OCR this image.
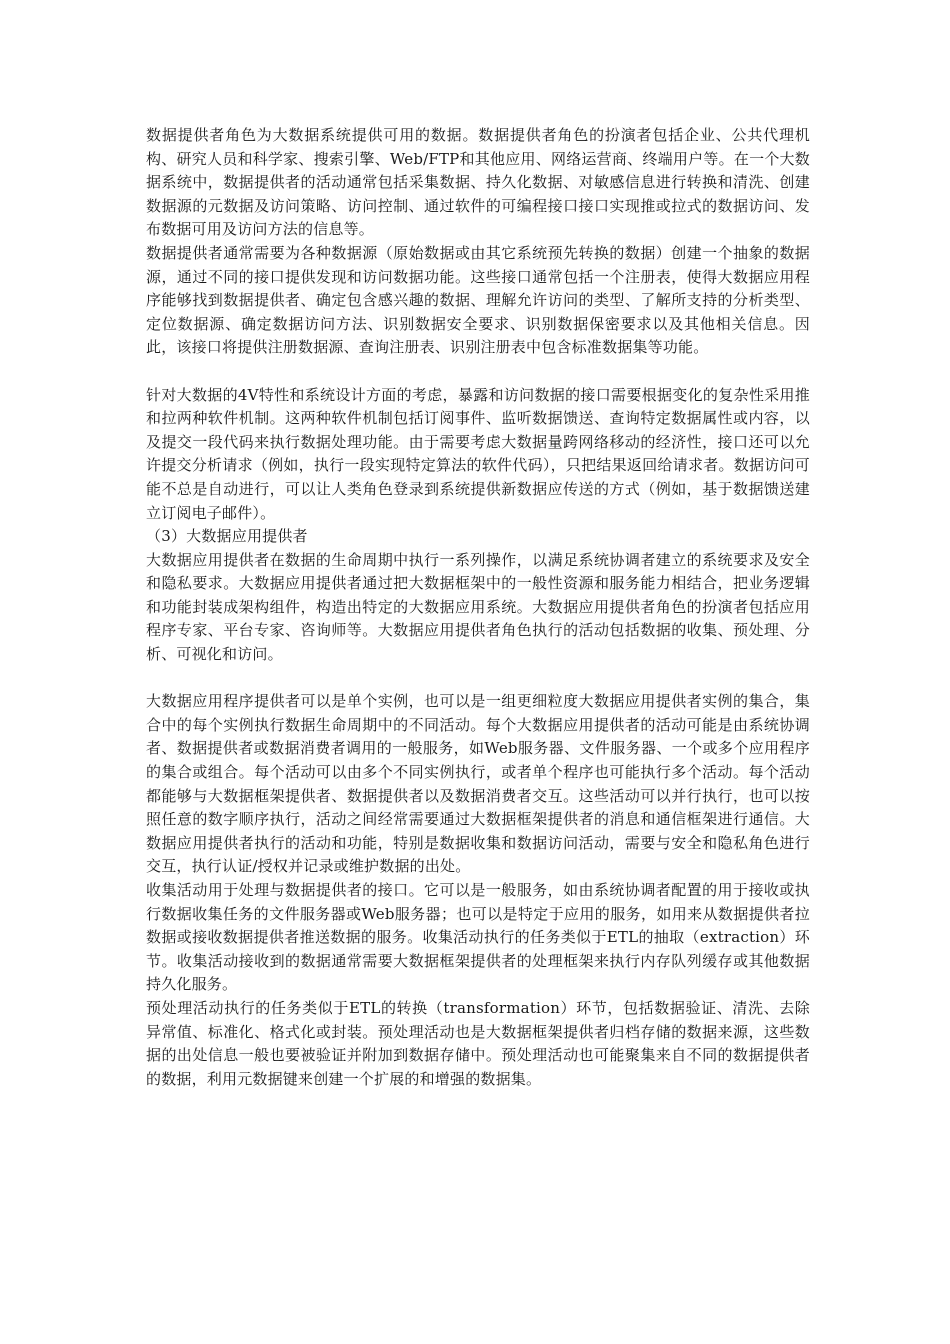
数据提供者角色为大数据系统提供可用的数据。数据提供者角色的扮演者包括企业、公共代理机构、研究人员和科学家、搜索引擎、Web/FTP和其他应用、网络运营商、终端用户等。在一个大数据系统中，数据提供者的活动通常包括采集数据、持久化数据、对敏感信息进行转换和清洗、创建数据源的元数据及访问策略、访问控制、通过软件的可编程接口接口实现推或拉式的数据访问、发布数据可用及访问方法的信息等。

数据提供者通常需要为各种数据源（原始数据或由其它系统预先转换的数据）创建一个抽象的数据源，通过不同的接口提供发现和访问数据功能。这些接口通常包括一个注册表，使得大数据应用程序能够找到数据提供者、确定包含感兴趣的数据、理解允许访问的类型、了解所支持的分析类型、定位数据源、确定数据访问方法、识别数据安全要求、识别数据保密要求以及其他相关信息。因此，该接口将提供注册数据源、查询注册表、识别注册表中包含标准数据集等功能。

针对大数据的4V特性和系统设计方面的考虑，暴露和访问数据的接口需要根据变化的复杂性采用推和拉两种软件机制。这两种软件机制包括订阅事件、监听数据馈送、查询特定数据属性或内容，以及提交一段代码来执行数据处理功能。由于需要考虑大数据量跨网络移动的经济性，接口还可以允许提交分析请求（例如，执行一段实现特定算法的软件代码），只把结果返回给请求者。数据访问可能不总是自动进行，可以让人类角色登录到系统提供新数据应传送的方式（例如，基于数据馈送建立订阅电子邮件）。

（3）大数据应用提供者

大数据应用提供者在数据的生命周期中执行一系列操作，以满足系统协调者建立的系统要求及安全和隐私要求。大数据应用提供者通过把大数据框架中的一般性资源和服务能力相结合，把业务逻辑和功能封装成架构组件，构造出特定的大数据应用系统。大数据应用提供者角色的扮演者包括应用程序专家、平台专家、咨询师等。大数据应用提供者角色执行的活动包括数据的收集、预处理、分析、可视化和访问。

大数据应用程序提供者可以是单个实例，也可以是一组更细粒度大数据应用提供者实例的集合，集合中的每个实例执行数据生命周期中的不同活动。每个大数据应用提供者的活动可能是由系统协调者、数据提供者或数据消费者调用的一般服务，如Web服务器、文件服务器、一个或多个应用程序的集合或组合。每个活动可以由多个不同实例执行，或者单个程序也可能执行多个活动。每个活动都能够与大数据框架提供者、数据提供者以及数据消费者交互。这些活动可以并行执行，也可以按照任意的数字顺序执行，活动之间经常需要通过大数据框架提供者的消息和通信框架进行通信。大数据应用提供者执行的活动和功能，特别是数据收集和数据访问活动，需要与安全和隐私角色进行交互，执行认证/授权并记录或维护数据的出处。

收集活动用于处理与数据提供者的接口。它可以是一般服务，如由系统协调者配置的用于接收或执行数据收集任务的文件服务器或Web服务器；也可以是特定于应用的服务，如用来从数据提供者拉数据或接收数据提供者推送数据的服务。收集活动执行的任务类似于ETL的抽取（extraction）环节。收集活动接收到的数据通常需要大数据框架提供者的处理框架来执行内存队列缓存或其他数据持久化服务。

预处理活动执行的任务类似于ETL的转换（transformation）环节，包括数据验证、清洗、去除异常值、标准化、格式化或封装。预处理活动也是大数据框架提供者归档存储的数据来源，这些数据的出处信息一般也要被验证并附加到数据存储中。预处理活动也可能聚集来自不同的数据提供者的数据，利用元数据键来创建一个扩展的和增强的数据集。
